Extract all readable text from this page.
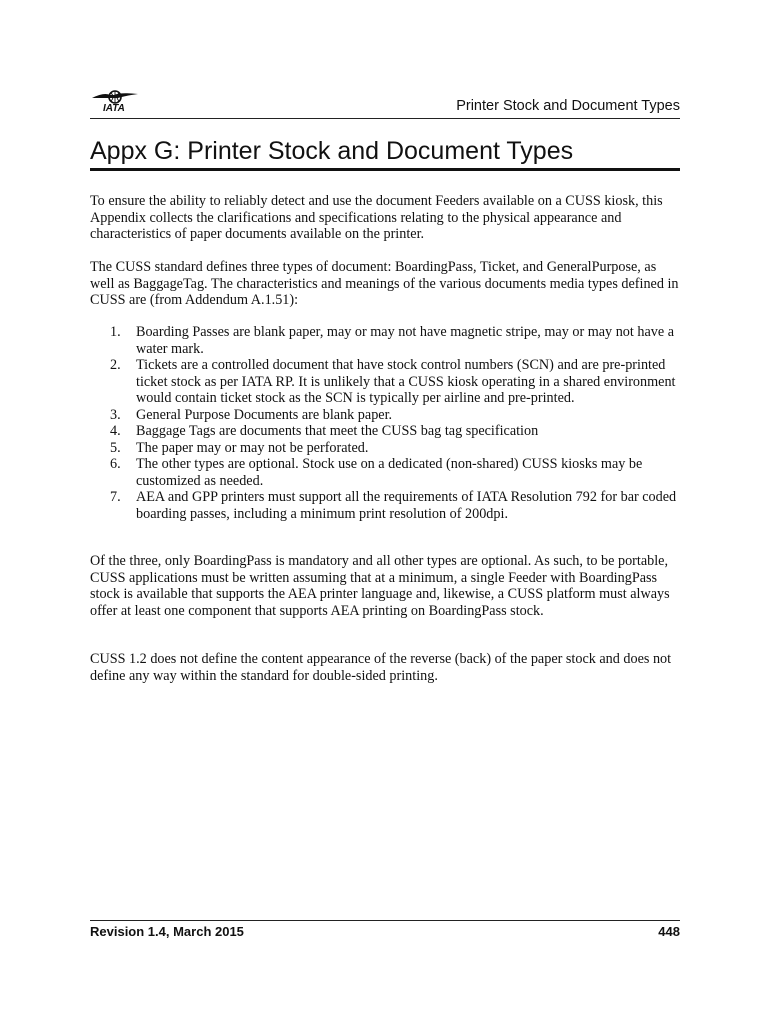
IATA	Printer Stock and Document Types
Appx G: Printer Stock and Document Types

To ensure the ability to reliably detect and use the document Feeders available on a CUSS kiosk, this Appendix collects the clarifications and specifications relating to the physical appearance and characteristics of paper documents available on the printer.

The CUSS standard defines three types of document: BoardingPass, Ticket, and GeneralPurpose, as well as BaggageTag. The characteristics and meanings of the various documents media types defined in CUSS are (from Addendum A.1.51):

1. Boarding Passes are blank paper, may or may not have magnetic stripe, may or may not have a water mark.
2. Tickets are a controlled document that have stock control numbers (SCN) and are pre-printed ticket stock as per IATA RP. It is unlikely that a CUSS kiosk operating in a shared environment would contain ticket stock as the SCN is typically per airline and pre-printed.
3. General Purpose Documents are blank paper.
4. Baggage Tags are documents that meet the CUSS bag tag specification
5. The paper may or may not be perforated.
6. The other types are optional. Stock use on a dedicated (non-shared) CUSS kiosks may be customized as needed.
7. AEA and GPP printers must support all the requirements of IATA Resolution 792 for bar coded boarding passes, including a minimum print resolution of 200dpi.

Of the three, only BoardingPass is mandatory and all other types are optional. As such, to be portable, CUSS applications must be written assuming that at a minimum, a single Feeder with BoardingPass stock is available that supports the AEA printer language and, likewise, a CUSS platform must always offer at least one component that supports AEA printing on BoardingPass stock.

CUSS 1.2 does not define the content appearance of the reverse (back) of the paper stock and does not define any way within the standard for double-sided printing.

Revision 1.4, March 2015	448
